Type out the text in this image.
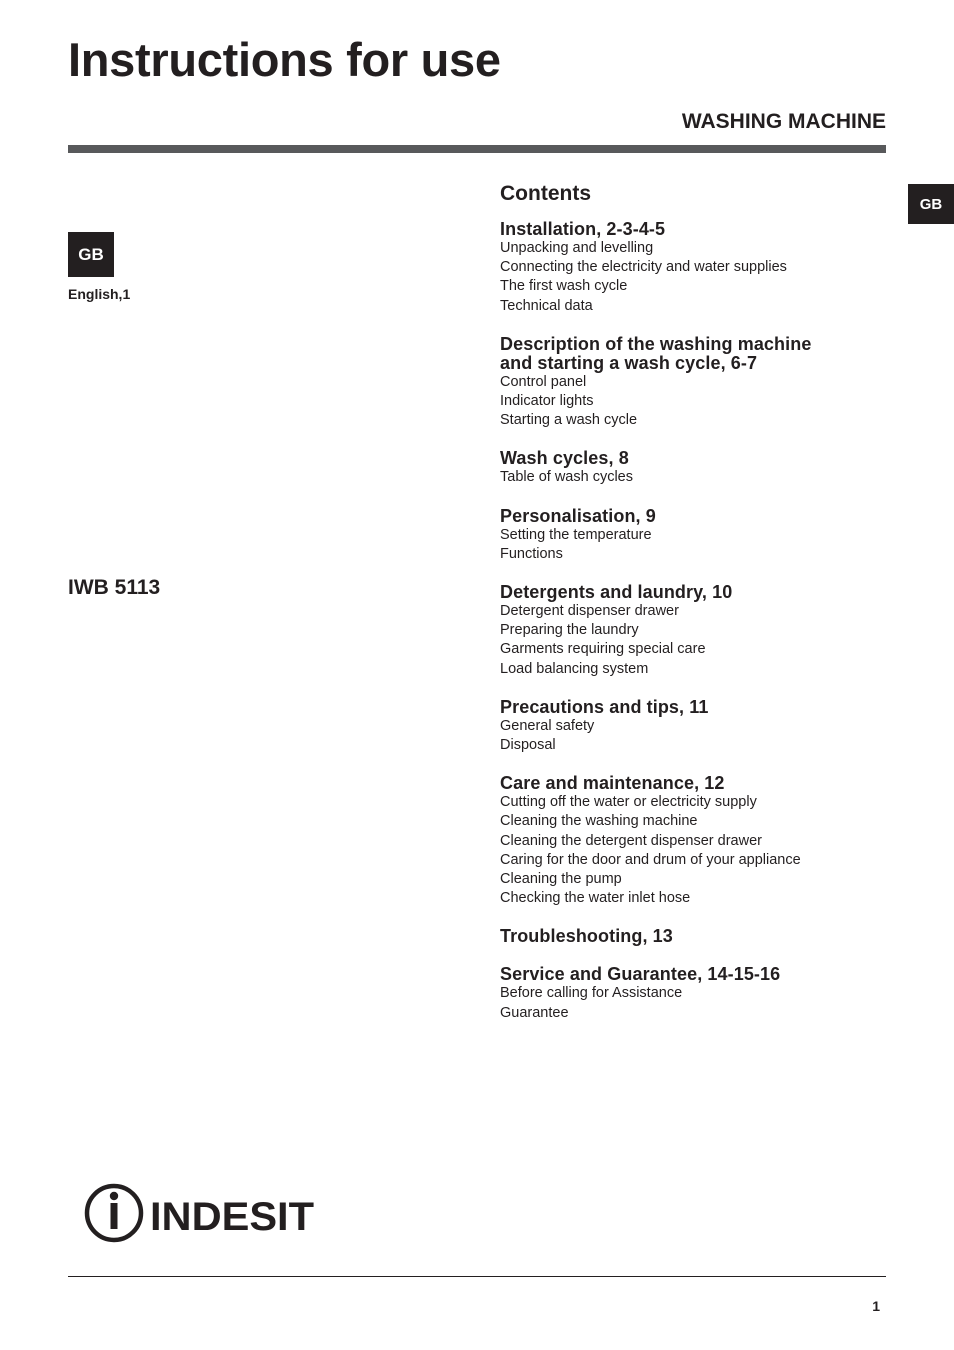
Instructions for use
WASHING MACHINE
GB
English,1
IWB 5113
GB
Contents
Installation, 2-3-4-5
Unpacking and levelling
Connecting the electricity and water supplies
The first wash cycle
Technical data
Description of the washing machine
and starting a wash cycle, 6-7
Control panel
Indicator lights
Starting a wash cycle
Wash cycles, 8
Table of wash cycles
Personalisation, 9
Setting the temperature
Functions
Detergents and laundry, 10
Detergent dispenser drawer
Preparing the laundry
Garments requiring special care
Load balancing system
Precautions and tips, 11
General safety
Disposal
Care and maintenance, 12
Cutting off the water or electricity supply
Cleaning the washing machine
Cleaning the detergent dispenser drawer
Caring for the door and drum of your appliance
Cleaning the pump
Checking the water inlet hose
Troubleshooting, 13
Service and Guarantee, 14-15-16
Before calling for Assistance
Guarantee
INDESIT
1
